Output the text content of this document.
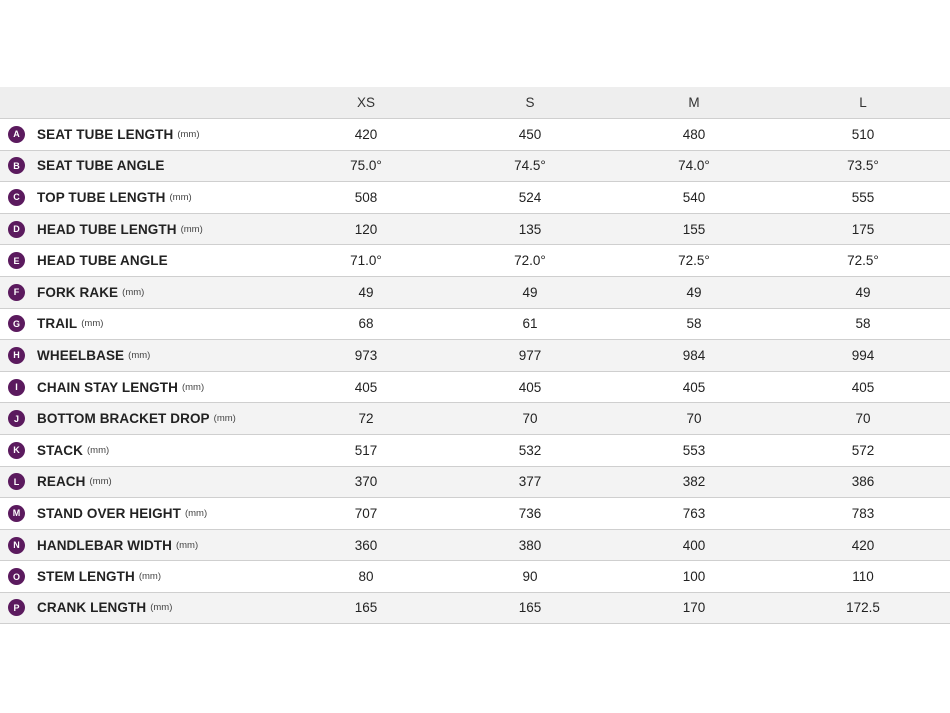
XS	S	M	L
A	SEAT TUBE LENGTH (mm)	420	450	480	510
B	SEAT TUBE ANGLE	75.0°	74.5°	74.0°	73.5°
C	TOP TUBE LENGTH (mm)	508	524	540	555
D	HEAD TUBE LENGTH (mm)	120	135	155	175
E	HEAD TUBE ANGLE	71.0°	72.0°	72.5°	72.5°
F	FORK RAKE (mm)	49	49	49	49
G	TRAIL (mm)	68	61	58	58
H	WHEELBASE (mm)	973	977	984	994
I	CHAIN STAY LENGTH (mm)	405	405	405	405
J	BOTTOM BRACKET DROP (mm)	72	70	70	70
K	STACK (mm)	517	532	553	572
L	REACH (mm)	370	377	382	386
M	STAND OVER HEIGHT (mm)	707	736	763	783
N	HANDLEBAR WIDTH (mm)	360	380	400	420
O	STEM LENGTH (mm)	80	90	100	110
P	CRANK LENGTH (mm)	165	165	170	172.5
